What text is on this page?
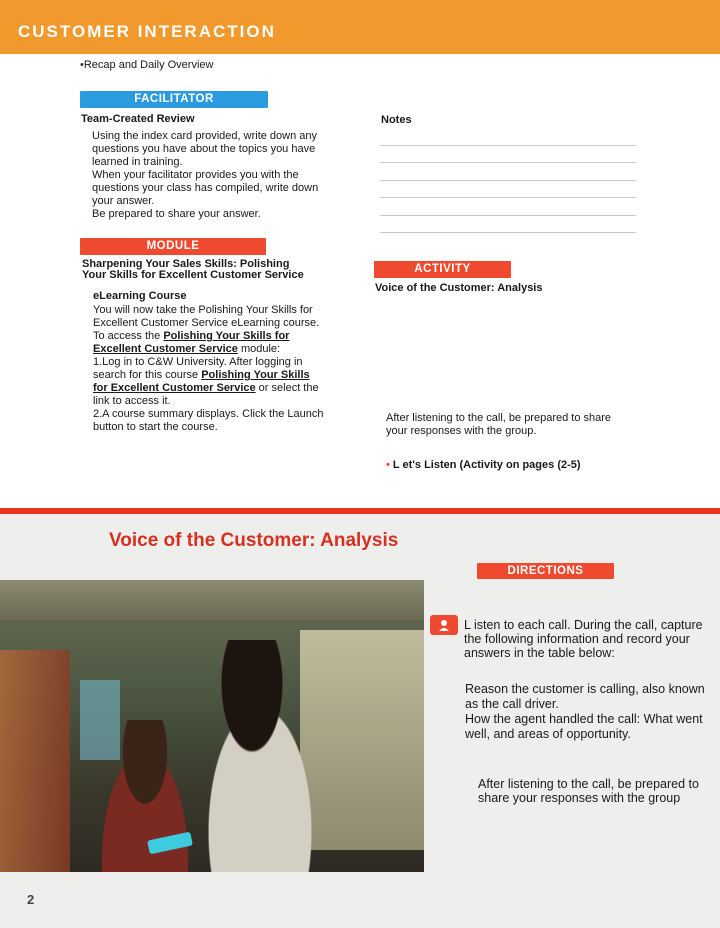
CUSTOMER INTERACTION
•Recap and Daily Overview
FACILITATOR
Team-Created Review
Using the index card provided, write down any
questions you have about the topics you have
learned in training.
When your facilitator provides you with the
questions your class has compiled, write down
your answer.
Be prepared to share your answer.
Notes
MODULE
Sharpening Your Sales Skills: Polishing
Your Skills for Excellent Customer Service
eLearning Course
You will now take the Polishing Your Skills for
Excellent Customer Service eLearning course.
To access the Polishing Your Skills for
Excellent Customer Service module:
1.Log in to C&W University. After logging in
search for this course Polishing Your Skills
for Excellent Customer Service or select the
link to access it.
2.A course summary displays. Click the Launch
button to start the course.
ACTIVITY
Voice of the Customer: Analysis
After listening to the call, be prepared to share
your responses with the group.
• L et's Listen (Activity on pages (2-5)
Voice of the Customer: Analysis
DIRECTIONS
L isten to each call. During the call, capture
the following information and record your
answers in the table below:
Reason the customer is calling, also known
as the call driver.
How the agent handled the call: What went
well, and areas of opportunity.
After listening to the call, be prepared to
share your responses with the group
2
